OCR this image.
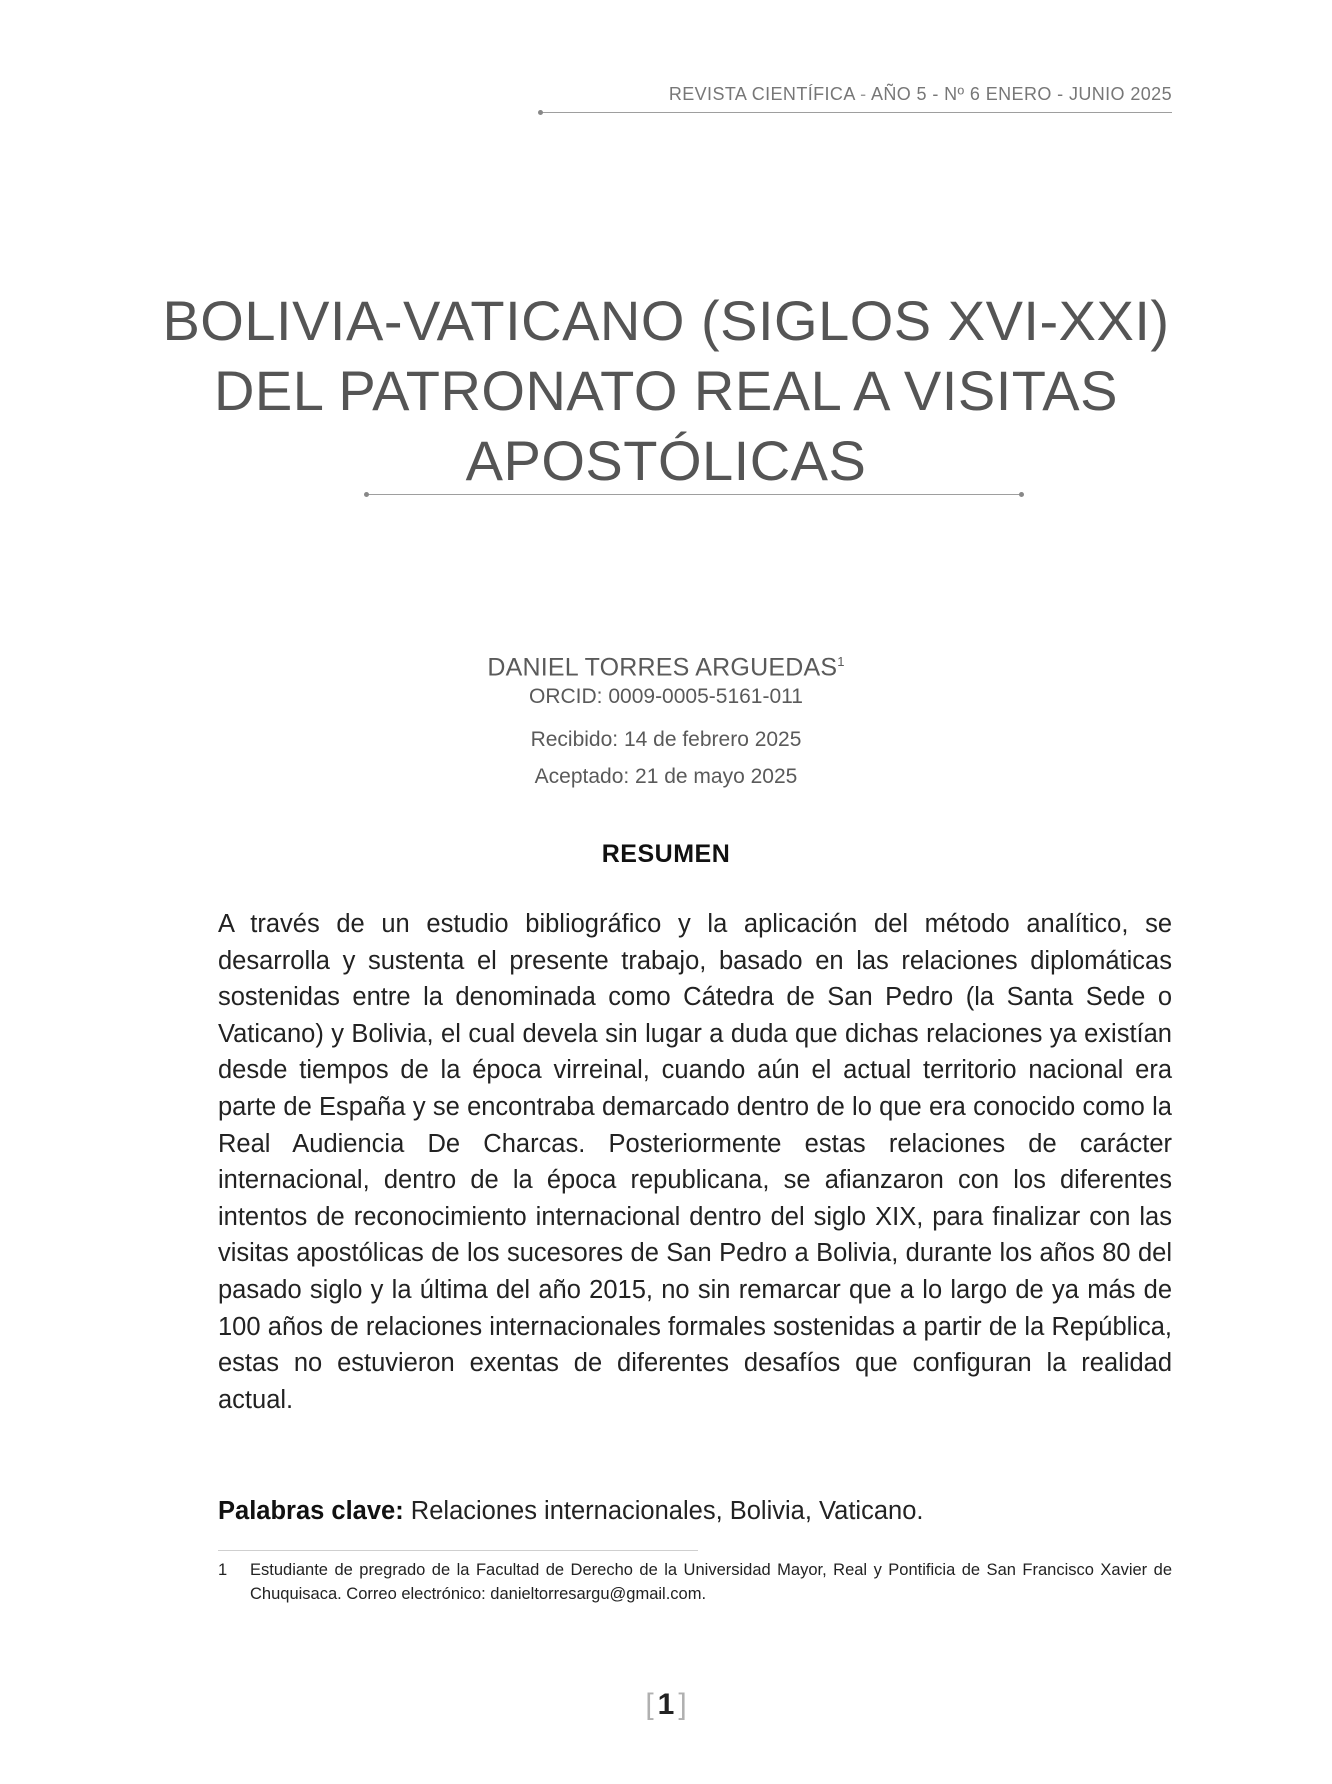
REVISTA CIENTÍFICA - AÑO 5 - Nº 6 ENERO - JUNIO 2025
BOLIVIA-VATICANO (SIGLOS XVI-XXI)
DEL PATRONATO REAL A VISITAS
APOSTÓLICAS
DANIEL TORRES ARGUEDAS$^1$
ORCID: 0009-0005-5161-011
Recibido: 14 de febrero 2025
Aceptado: 21 de mayo 2025
RESUMEN

A través de un estudio bibliográfico y la aplicación del método analítico, se desarrolla y sustenta el presente trabajo, basado en las relaciones diplomáticas sostenidas entre la denominada como Cátedra de San Pedro (la Santa Sede o Vaticano) y Bolivia, el cual devela sin lugar a duda que dichas relaciones ya existían desde tiempos de la época virreinal, cuando aún el actual territorio nacional era parte de España y se encontraba demarcado dentro de lo que era conocido como la Real Audiencia De Charcas. Posteriormente estas relaciones de carácter internacional, dentro de la época republicana, se afianzaron con los diferentes intentos de reconocimiento internacional dentro del siglo XIX, para finalizar con las visitas apostólicas de los sucesores de San Pedro a Bolivia, durante los años 80 del pasado siglo y la última del año 2015, no sin remarcar que a lo largo de ya más de 100 años de relaciones internacionales formales sostenidas a partir de la República, estas no estuvieron exentas de diferentes desafíos que configuran la realidad actual.

Palabras clave: Relaciones internacionales, Bolivia, Vaticano.
1	Estudiante de pregrado de la Facultad de Derecho de la Universidad Mayor, Real y Pontificia de San Francisco Xavier de Chuquisaca. Correo electrónico: danieltorresargu@gmail.com.
[ 1 ]
